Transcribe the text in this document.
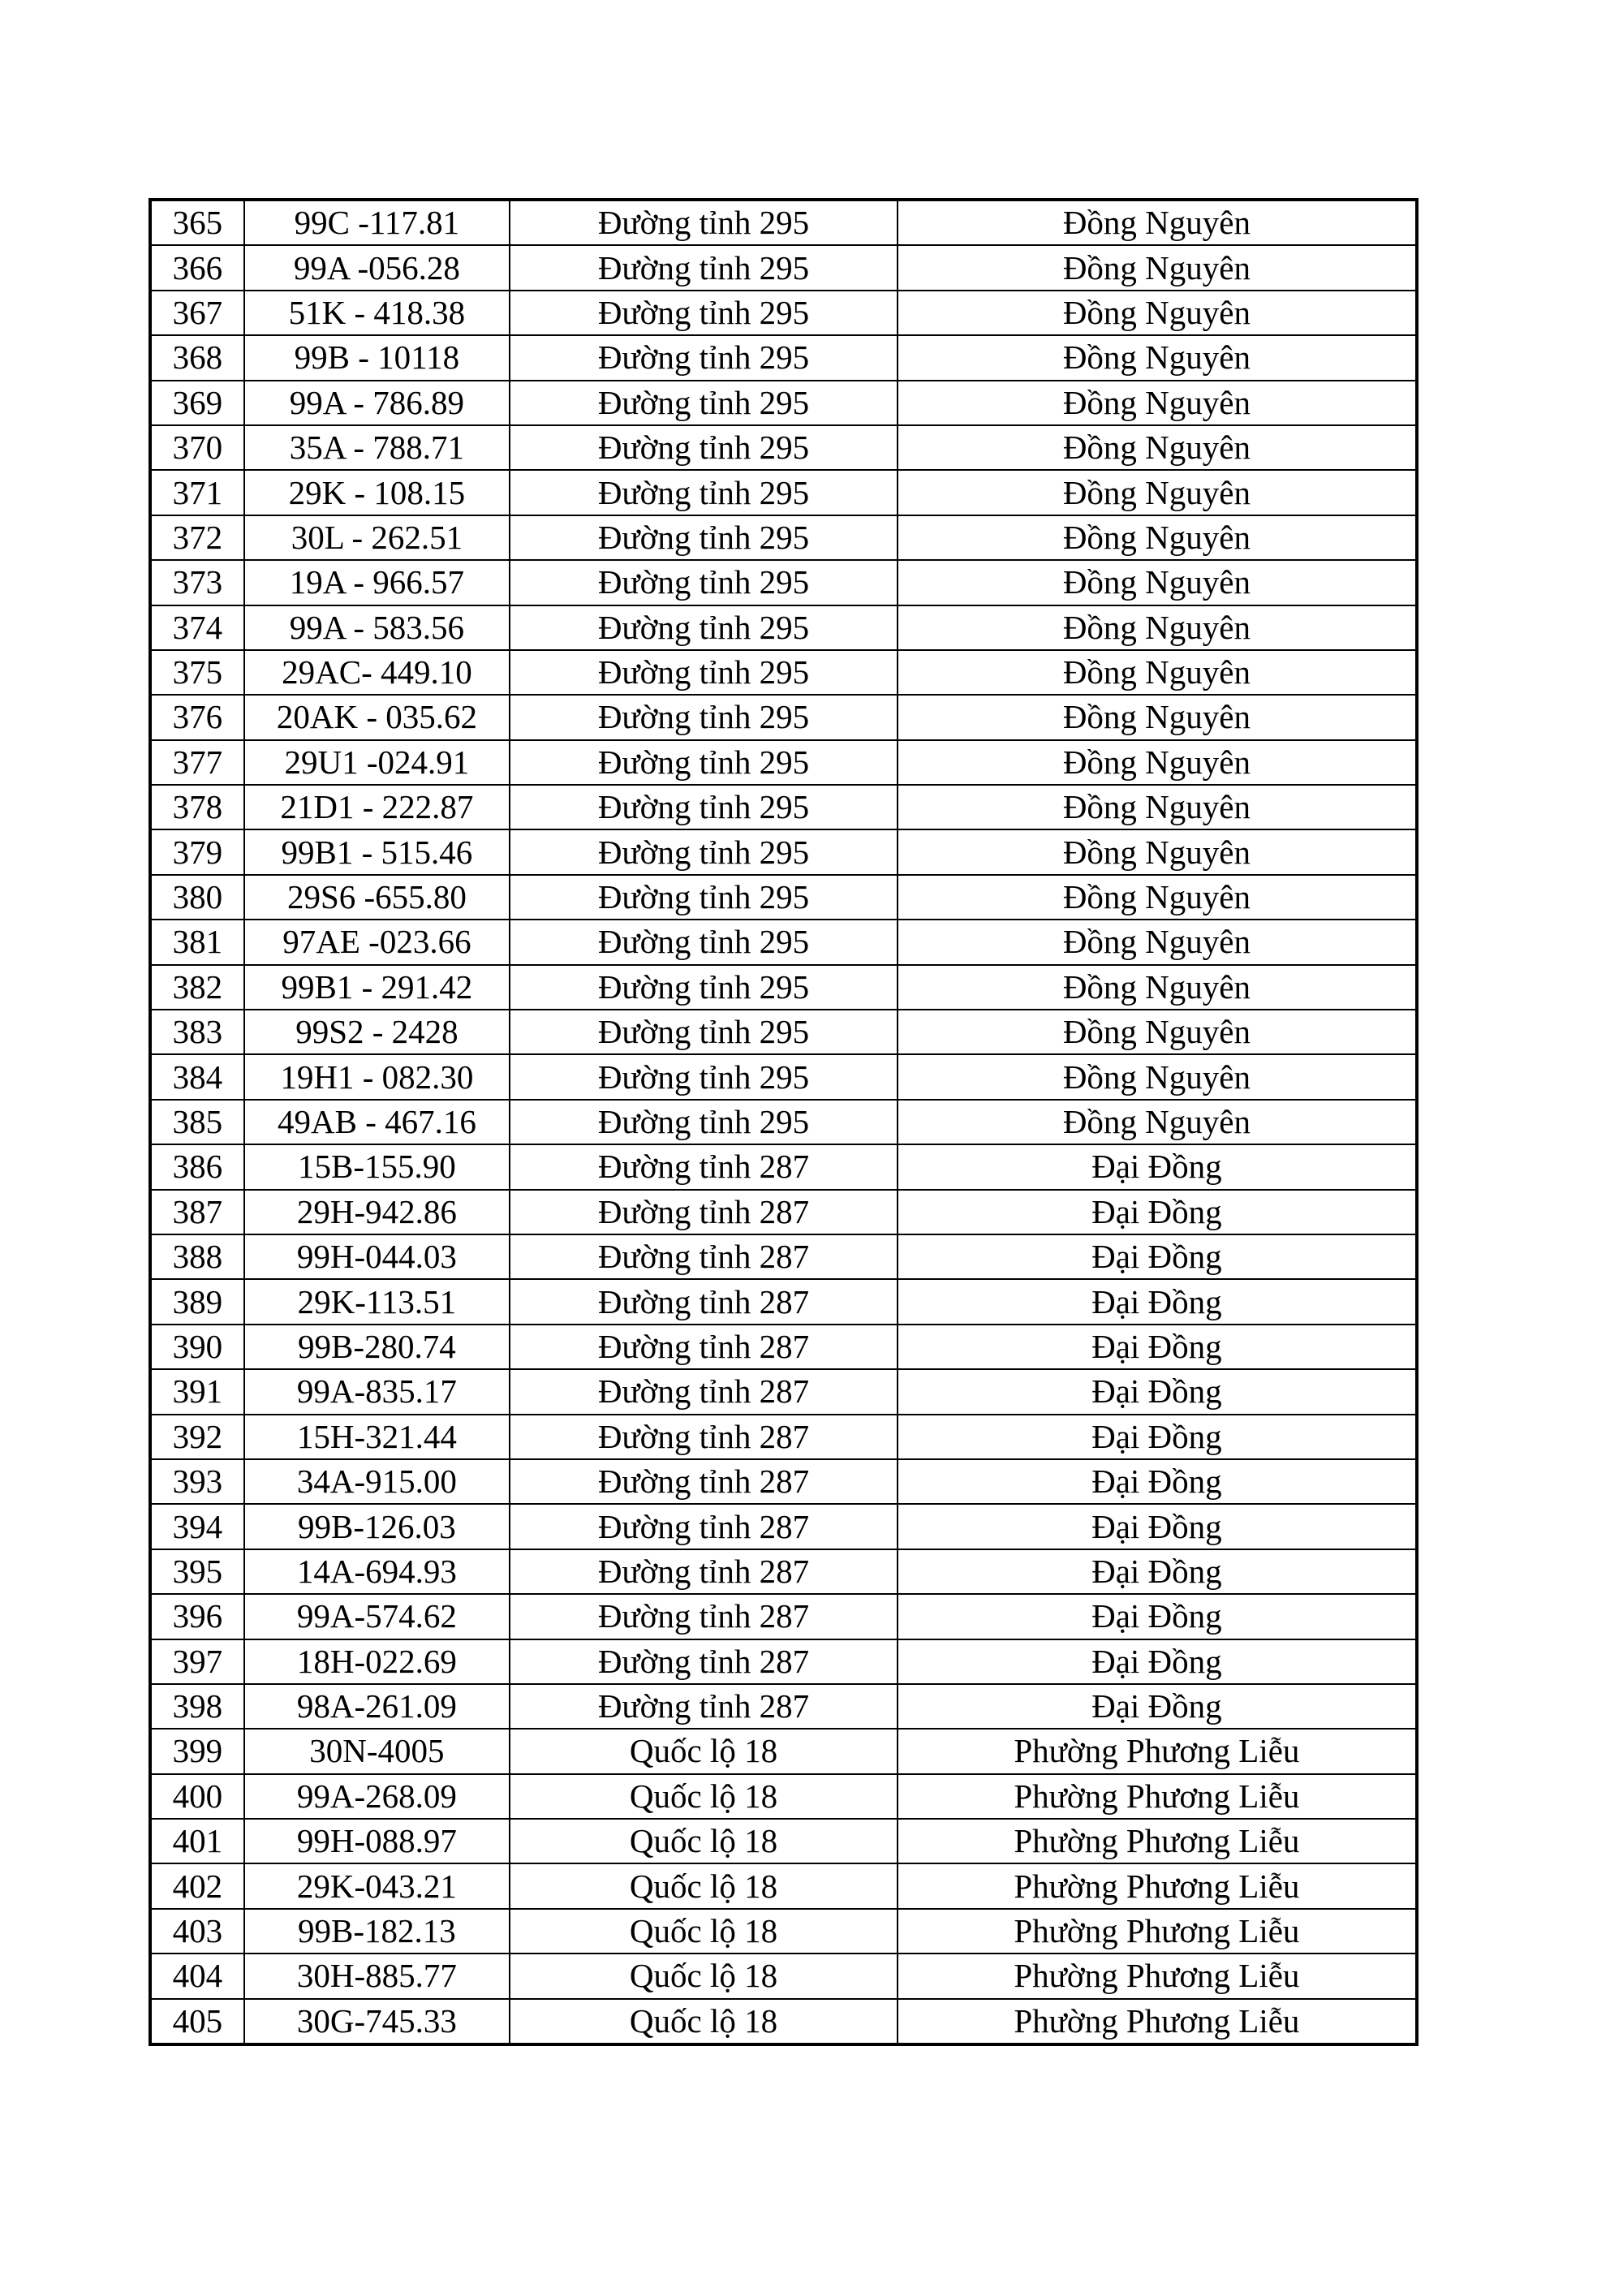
365	99C -117.81	Đường tỉnh 295	Đồng Nguyên
366	99A -056.28	Đường tỉnh 295	Đồng Nguyên
367	51K - 418.38	Đường tỉnh 295	Đồng Nguyên
368	99B - 10118	Đường tỉnh 295	Đồng Nguyên
369	99A - 786.89	Đường tỉnh 295	Đồng Nguyên
370	35A - 788.71	Đường tỉnh 295	Đồng Nguyên
371	29K - 108.15	Đường tỉnh 295	Đồng Nguyên
372	30L - 262.51	Đường tỉnh 295	Đồng Nguyên
373	19A - 966.57	Đường tỉnh 295	Đồng Nguyên
374	99A - 583.56	Đường tỉnh 295	Đồng Nguyên
375	29AC- 449.10	Đường tỉnh 295	Đồng Nguyên
376	20AK - 035.62	Đường tỉnh 295	Đồng Nguyên
377	29U1 -024.91	Đường tỉnh 295	Đồng Nguyên
378	21D1 - 222.87	Đường tỉnh 295	Đồng Nguyên
379	99B1 - 515.46	Đường tỉnh 295	Đồng Nguyên
380	29S6 -655.80	Đường tỉnh 295	Đồng Nguyên
381	97AE -023.66	Đường tỉnh 295	Đồng Nguyên
382	99B1 - 291.42	Đường tỉnh 295	Đồng Nguyên
383	99S2 - 2428	Đường tỉnh 295	Đồng Nguyên
384	19H1 - 082.30	Đường tỉnh 295	Đồng Nguyên
385	49AB - 467.16	Đường tỉnh 295	Đồng Nguyên
386	15B-155.90	Đường tỉnh 287	Đại Đồng
387	29H-942.86	Đường tỉnh 287	Đại Đồng
388	99H-044.03	Đường tỉnh 287	Đại Đồng
389	29K-113.51	Đường tỉnh 287	Đại Đồng
390	99B-280.74	Đường tỉnh 287	Đại Đồng
391	99A-835.17	Đường tỉnh 287	Đại Đồng
392	15H-321.44	Đường tỉnh 287	Đại Đồng
393	34A-915.00	Đường tỉnh 287	Đại Đồng
394	99B-126.03	Đường tỉnh 287	Đại Đồng
395	14A-694.93	Đường tỉnh 287	Đại Đồng
396	99A-574.62	Đường tỉnh 287	Đại Đồng
397	18H-022.69	Đường tỉnh 287	Đại Đồng
398	98A-261.09	Đường tỉnh 287	Đại Đồng
399	30N-4005	Quốc lộ 18	Phường Phương Liễu
400	99A-268.09	Quốc lộ 18	Phường Phương Liễu
401	99H-088.97	Quốc lộ 18	Phường Phương Liễu
402	29K-043.21	Quốc lộ 18	Phường Phương Liễu
403	99B-182.13	Quốc lộ 18	Phường Phương Liễu
404	30H-885.77	Quốc lộ 18	Phường Phương Liễu
405	30G-745.33	Quốc lộ 18	Phường Phương Liễu
